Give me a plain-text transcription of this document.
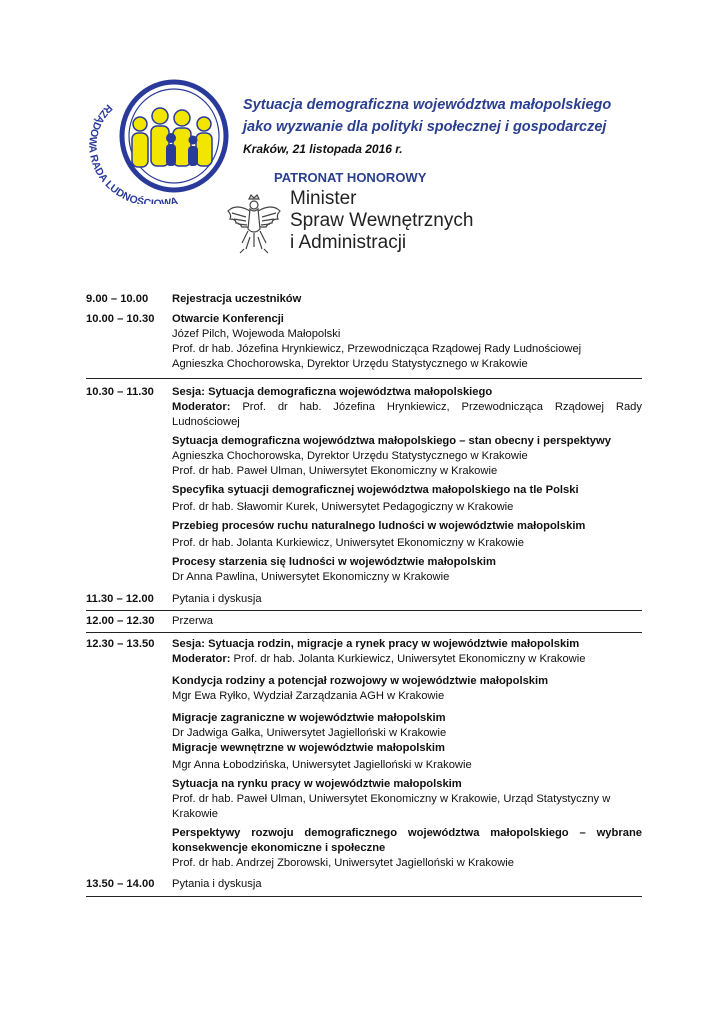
RZĄDOWA RADA LUDNOŚCIOWA
Sytuacja demograficzna województwa małopolskiego
jako wyzwanie dla polityki społecznej i gospodarczej
Kraków, 21 listopada 2016 r.
PATRONAT HONOROWY
Minister
Spraw Wewnętrznych
i Administracji
9.00 – 10.00	Rejestracja uczestników
10.00 – 10.30	Otwarcie Konferencji
Józef Pilch, Wojewoda Małopolski
Prof. dr hab. Józefina Hrynkiewicz, Przewodnicząca Rządowej Rady Ludnościowej
Agnieszka Chochorowska, Dyrektor Urzędu Statystycznego w Krakowie
10.30 – 11.30	Sesja: Sytuacja demograficzna województwa małopolskiego
Moderator: Prof. dr hab. Józefina Hrynkiewicz, Przewodnicząca Rządowej Rady Ludnościowej
Sytuacja demograficzna województwa małopolskiego – stan obecny i perspektywy
Agnieszka Chochorowska, Dyrektor Urzędu Statystycznego w Krakowie
Prof. dr hab. Paweł Ulman, Uniwersytet Ekonomiczny w Krakowie
Specyfika sytuacji demograficznej województwa małopolskiego na tle Polski
Prof. dr hab. Sławomir Kurek, Uniwersytet Pedagogiczny w Krakowie
Przebieg procesów ruchu naturalnego ludności w województwie małopolskim
Prof. dr hab. Jolanta Kurkiewicz, Uniwersytet Ekonomiczny w Krakowie
Procesy starzenia się ludności w województwie małopolskim
Dr Anna Pawlina, Uniwersytet Ekonomiczny w Krakowie
11.30 – 12.00	Pytania i dyskusja
12.00 – 12.30	Przerwa
12.30 – 13.50	Sesja: Sytuacja rodzin, migracje a rynek pracy w województwie małopolskim
Moderator: Prof. dr hab. Jolanta Kurkiewicz, Uniwersytet Ekonomiczny w Krakowie
Kondycja rodziny a potencjał rozwojowy w województwie małopolskim
Mgr Ewa Ryłko, Wydział Zarządzania AGH w Krakowie
Migracje zagraniczne w województwie małopolskim
Dr Jadwiga Gałka, Uniwersytet Jagielloński w Krakowie
Migracje wewnętrzne w województwie małopolskim
Mgr Anna Łobodzińska, Uniwersytet Jagielloński w Krakowie
Sytuacja na rynku pracy w województwie małopolskim
Prof. dr hab. Paweł Ulman, Uniwersytet Ekonomiczny w Krakowie, Urząd Statystyczny w Krakowie
Perspektywy rozwoju demograficznego województwa małopolskiego – wybrane konsekwencje ekonomiczne i społeczne
Prof. dr hab. Andrzej Zborowski, Uniwersytet Jagielloński w Krakowie
13.50 – 14.00	Pytania i dyskusja
